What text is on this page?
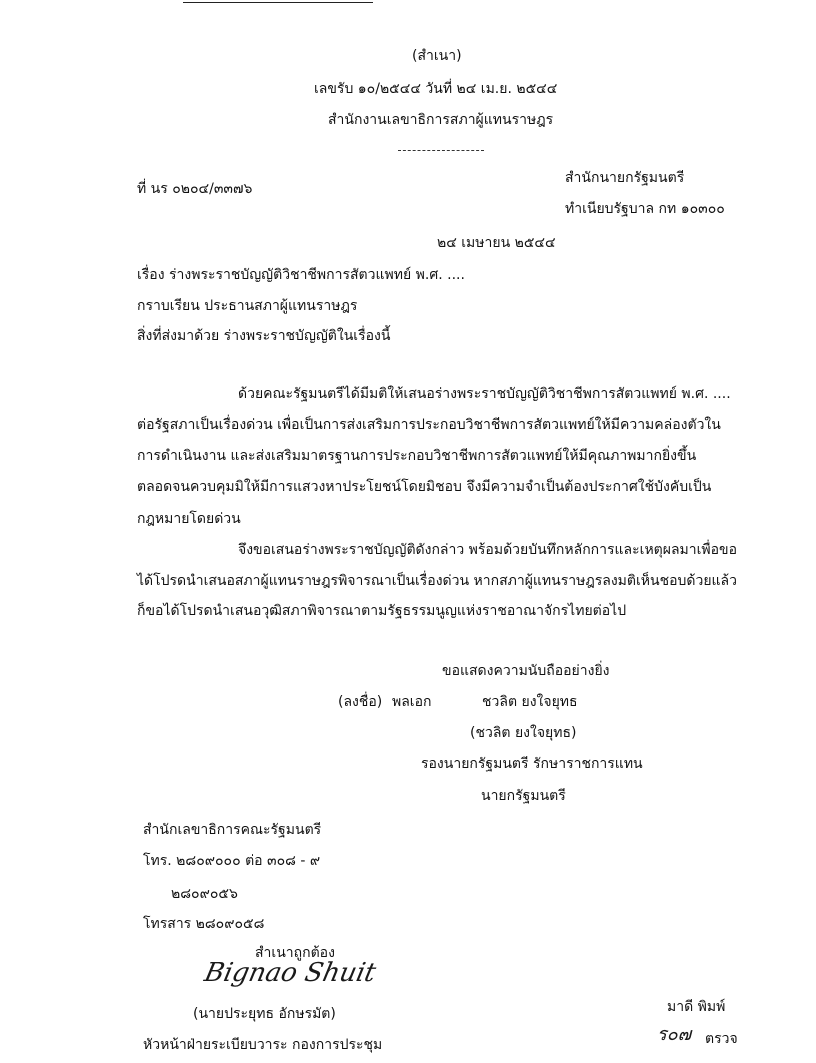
(สำเนา)
เลขรับ ๑๐/๒๕๔๔ วันที่ ๒๔ เม.ย. ๒๕๔๔
สำนักงานเลขาธิการสภาผู้แทนราษฎร
ที่ นร ๐๒๐๔/๓๓๗๖
สำนักนายกรัฐมนตรี
ทำเนียบรัฐบาล กท ๑๐๓๐๐
๒๔ เมษายน ๒๕๔๔
เรื่อง ร่างพระราชบัญญัติวิชาชีพการสัตวแพทย์ พ.ศ. ....
กราบเรียน ประธานสภาผู้แทนราษฎร
สิ่งที่ส่งมาด้วย ร่างพระราชบัญญัติในเรื่องนี้
ด้วยคณะรัฐมนตรีได้มีมติให้เสนอร่างพระราชบัญญัติวิชาชีพการสัตวแพทย์ พ.ศ. ....
ต่อรัฐสภาเป็นเรื่องด่วน เพื่อเป็นการส่งเสริมการประกอบวิชาชีพการสัตวแพทย์ให้มีความคล่องตัวใน
การดำเนินงาน และส่งเสริมมาตรฐานการประกอบวิชาชีพการสัตวแพทย์ให้มีคุณภาพมากยิ่งขึ้น
ตลอดจนควบคุมมิให้มีการแสวงหาประโยชน์โดยมิชอบ จึงมีความจำเป็นต้องประกาศใช้บังคับเป็น
กฎหมายโดยด่วน
จึงขอเสนอร่างพระราชบัญญัติดังกล่าว พร้อมด้วยบันทึกหลักการและเหตุผลมาเพื่อขอ
ได้โปรดนำเสนอสภาผู้แทนราษฎรพิจารณาเป็นเรื่องด่วน หากสภาผู้แทนราษฎรลงมติเห็นชอบด้วยแล้ว
ก็ขอได้โปรดนำเสนอวุฒิสภาพิจารณาตามรัฐธรรมนูญแห่งราชอาณาจักรไทยต่อไป
ขอแสดงความนับถืออย่างยิ่ง
(ลงชื่อ) พลเอก	ชวลิต ยงใจยุทธ
(ชวลิต ยงใจยุทธ)
รองนายกรัฐมนตรี รักษาราชการแทน
นายกรัฐมนตรี
สำนักเลขาธิการคณะรัฐมนตรี
โทร. ๒๘๐๙๐๐๐ ต่อ ๓๐๘ - ๙
๒๘๐๙๐๕๖
โทรสาร ๒๘๐๙๐๕๘
สำเนาถูกต้อง
Bignao Shuit
(นายประยุทธ อักษรมัต)
หัวหน้าฝ่ายระเบียบวาระ กองการประชุม
มาดี พิมพ์
ร๐๗ ตรวจ
